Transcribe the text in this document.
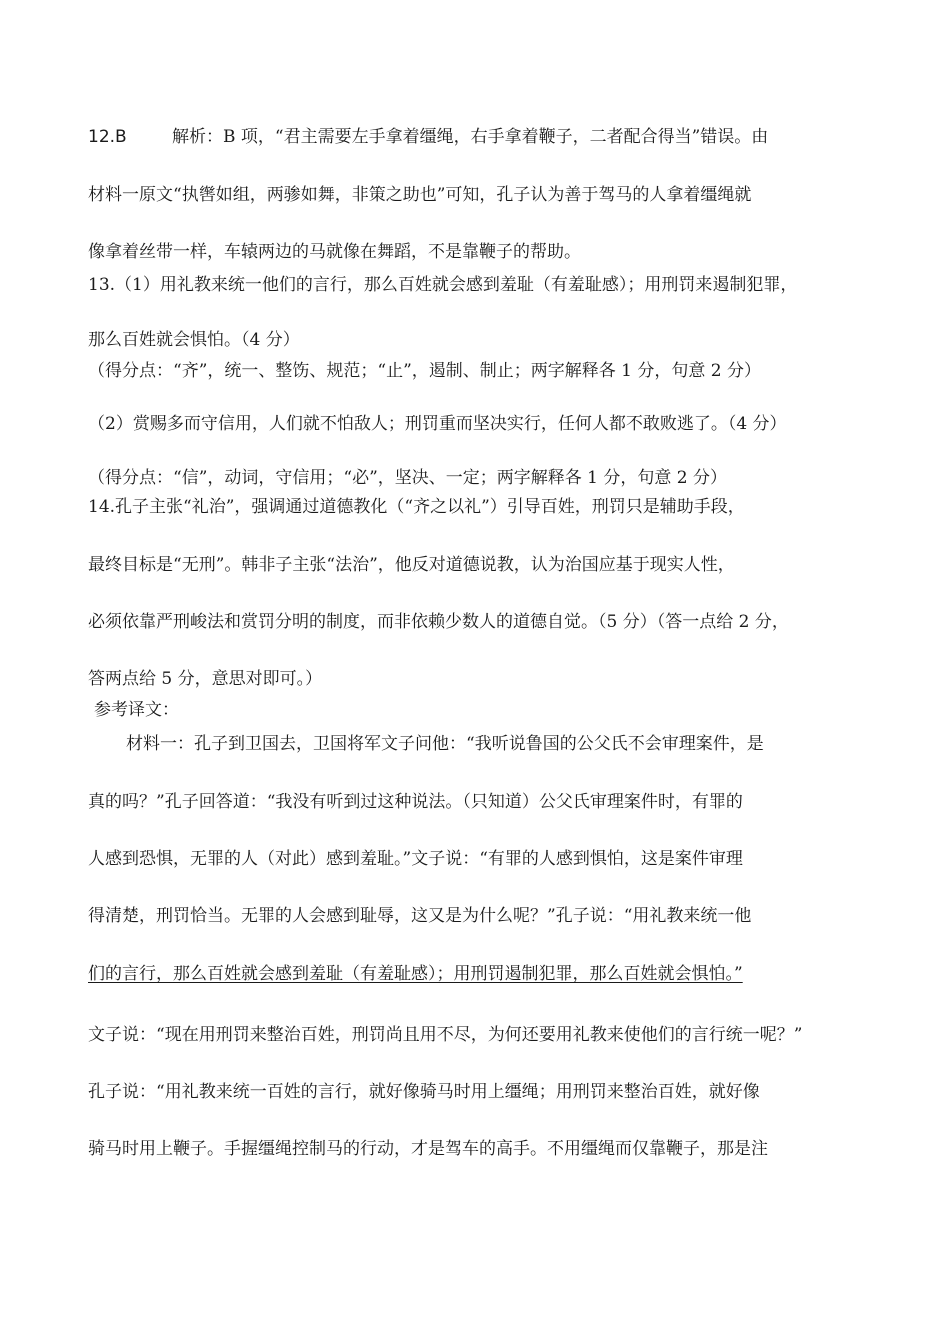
12.B	解析：B 项，“君主需要左手拿着缰绳，右手拿着鞭子，二者配合得当”错误。由
材料一原文“执辔如组，两骖如舞，非策之助也”可知，孔子认为善于驾马的人拿着缰绳就
像拿着丝带一样，车辕两边的马就像在舞蹈，不是靠鞭子的帮助。
13.（1）用礼教来统一他们的言行，那么百姓就会感到羞耻（有羞耻感）；用刑罚来遏制犯罪，
那么百姓就会惧怕。（4 分）
（得分点：“齐”，统一、整饬、规范；“止”，遏制、制止；两字解释各 1 分，句意 2 分）
（2）赏赐多而守信用，人们就不怕敌人；刑罚重而坚决实行，任何人都不敢败逃了。（4 分）
（得分点：“信”，动词，守信用；“必”，坚决、一定；两字解释各 1 分，句意 2 分）
14.孔子主张“礼治”，强调通过道德教化（“齐之以礼”）引导百姓，刑罚只是辅助手段，
最终目标是“无刑”。韩非子主张“法治”，他反对道德说教，认为治国应基于现实人性，
必须依靠严刑峻法和赏罚分明的制度，而非依赖少数人的道德自觉。（5 分）（答一点给 2 分，
答两点给 5 分，意思对即可。）
参考译文：
材料一：孔子到卫国去，卫国将军文子问他：“我听说鲁国的公父氏不会审理案件，是
真的吗？”孔子回答道：“我没有听到过这种说法。（只知道）公父氏审理案件时，有罪的
人感到恐惧，无罪的人（对此）感到羞耻。”文子说：“有罪的人感到惧怕，这是案件审理
得清楚，刑罚恰当。无罪的人会感到耻辱，这又是为什么呢？”孔子说：“用礼教来统一他
们的言行，那么百姓就会感到羞耻（有羞耻感）；用刑罚遏制犯罪，那么百姓就会惧怕。”
文子说：“现在用刑罚来整治百姓，刑罚尚且用不尽，为何还要用礼教来使他们的言行统一呢？”
孔子说：“用礼教来统一百姓的言行，就好像骑马时用上缰绳；用刑罚来整治百姓，就好像
骑马时用上鞭子。手握缰绳控制马的行动，才是驾车的高手。不用缰绳而仅靠鞭子，那是注
